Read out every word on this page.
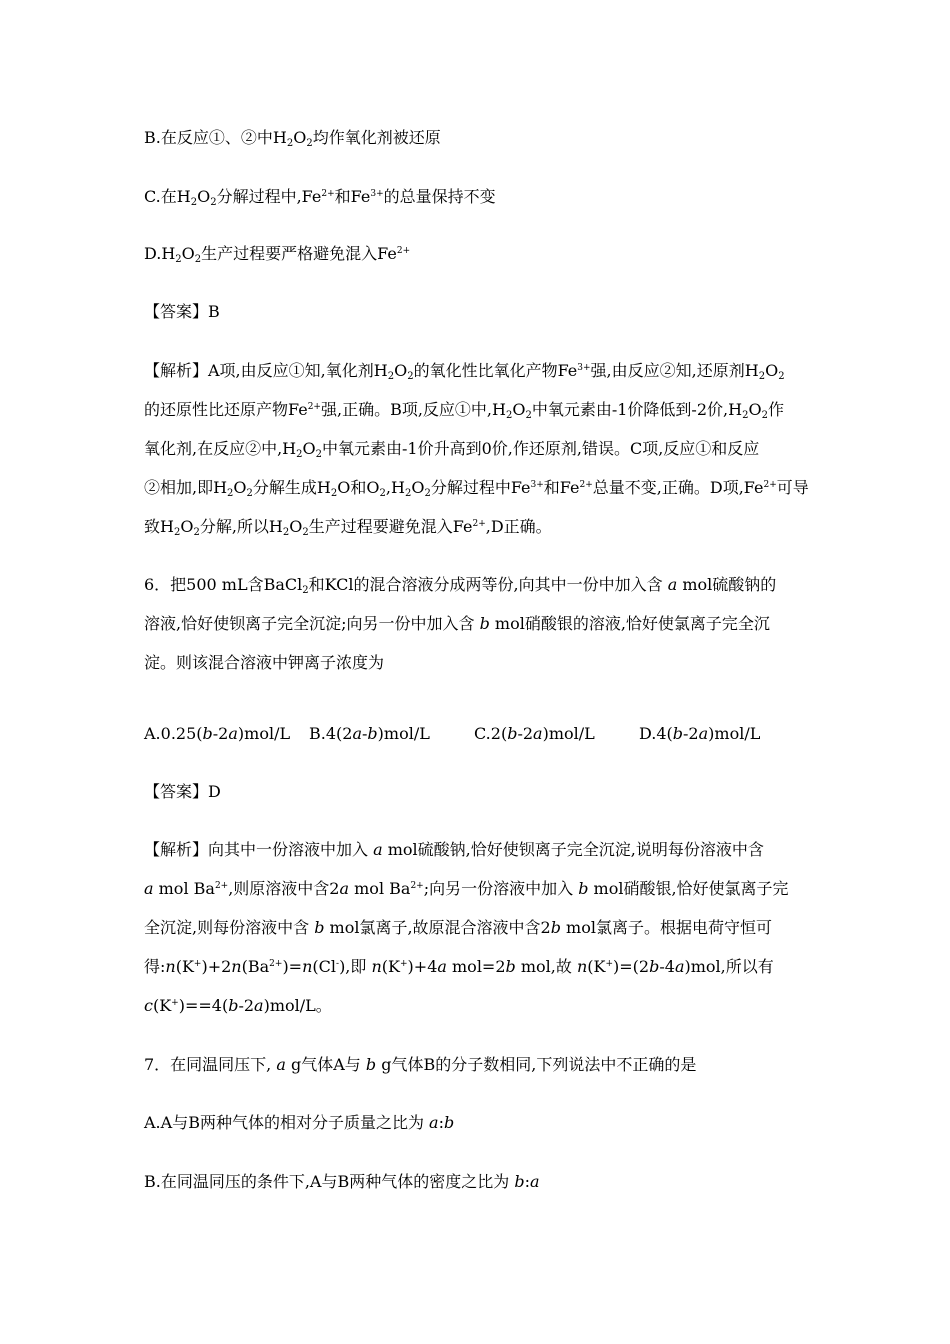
B.在反应①、②中$H_2O_2$均作氧化剂被还原
C.在$H_2O_2$分解过程中$,Fe^{2+}$和$Fe^{3+}$的总量保持不变
$D.H_2O_2$生产过程要严格避免混入$Fe^{2+}$
【答案】B
【解析】A项,由反应①知,氧化剂$H_2O_2$的氧化性比氧化产物$Fe^{3+}$强,由反应②知,还原剂$H_2O_2$
的还原性比还原产物$Fe^{2+}$强,正确。B项,反应①中$,H_2O_2$中氧元素由-1价降低到-2价$,H_2O_2$作
氧化剂,在反应②中$,H_2O_2$中氧元素由-1价升高到0价,作还原剂,错误。C项,反应①和反应
②相加,即$H_2O_2$分解生成$H_2O$和$O_2,H_2O_2$分解过程中$Fe^{3+}$和$Fe^{2+}$总量不变,正确。D项$,Fe^{2+}$可导
致$H_2O_2$分解,所以$H_2O_2$生产过程要避免混入$Fe^{2+},D$正确。
6．把500 mL含BaCl$_2$和KCl的混合溶液分成两等份,向其中一份中加入含 a mol硫酸钠的
溶液,恰好使钡离子完全沉淀;向另一份中加入含 b mol硝酸银的溶液,恰好使氯离子完全沉
淀。则该混合溶液中钾离子浓度为
A.0.25(b-2a)mol/L B.4(2a-b)mol/L	C.2(b-2a)mol/L	D.4(b-2a)mol/L
【答案】D
【解析】向其中一份溶液中加入 a mol硫酸钠,恰好使钡离子完全沉淀,说明每份溶液中含
a mol $Ba^{2+}$,则原溶液中含2a mol $Ba^{2+}$;向另一份溶液中加入 b mol硝酸银,恰好使氯离子完
全沉淀,则每份溶液中含 b mol氯离子,故原混合溶液中含2b mol氯离子。根据电荷守恒可
得$:n(K^+)+2n(Ba^{2+})=n(Cl^-)$,即 n(K+)+4a mol=2b mol,故 n(K+)=(2b-4a)mol,所以有
c(K+)==4(b-2a)mol/L。
7．在同温同压下, a g气体A与 b g气体B的分子数相同,下列说法中不正确的是
A.A与B两种气体的相对分子质量之比为 a:b
B.在同温同压的条件下,A与B两种气体的密度之比为 b:a
